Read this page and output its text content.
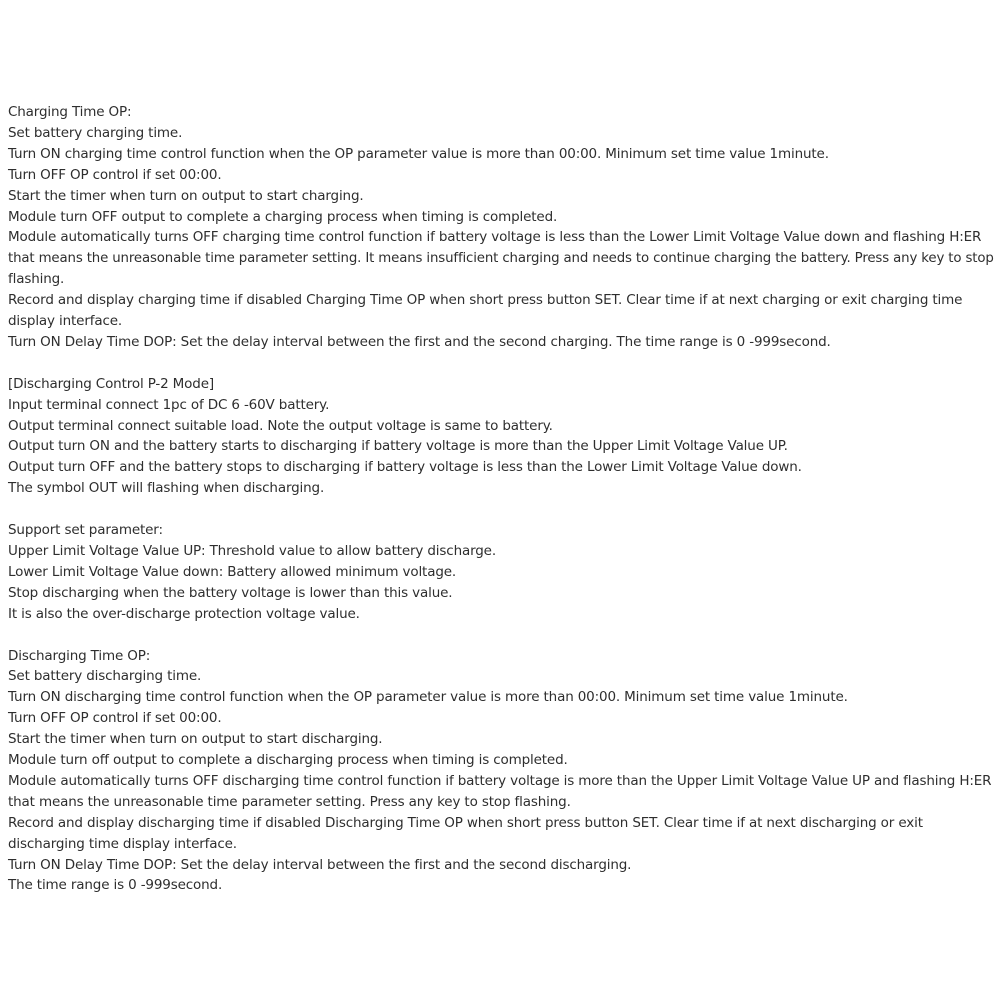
Charging Time OP:
Set battery charging time.
Turn ON charging time control function when the OP parameter value is more than 00:00. Minimum set time value 1minute.
Turn OFF OP control if set 00:00.
Start the timer when turn on output to start charging.
Module turn OFF output to complete a charging process when timing is completed.
Module automatically turns OFF charging time control function if battery voltage is less than the Lower Limit Voltage Value down and flashing H:ER
that means the unreasonable time parameter setting. It means insufficient charging and needs to continue charging the battery. Press any key to stop
flashing.
Record and display charging time if disabled Charging Time OP when short press button SET. Clear time if at next charging or exit charging time
display interface.
Turn ON Delay Time DOP: Set the delay interval between the first and the second charging. The time range is 0 -999second.
[Discharging Control P-2 Mode]
Input terminal connect 1pc of DC 6 -60V battery.
Output terminal connect suitable load. Note the output voltage is same to battery.
Output turn ON and the battery starts to discharging if battery voltage is more than the Upper Limit Voltage Value UP.
Output turn OFF and the battery stops to discharging if battery voltage is less than the Lower Limit Voltage Value down.
The symbol OUT will flashing when discharging.
Support set parameter:
Upper Limit Voltage Value UP: Threshold value to allow battery discharge.
Lower Limit Voltage Value down: Battery allowed minimum voltage.
Stop discharging when the battery voltage is lower than this value.
It is also the over-discharge protection voltage value.
Discharging Time OP:
Set battery discharging time.
Turn ON discharging time control function when the OP parameter value is more than 00:00. Minimum set time value 1minute.
Turn OFF OP control if set 00:00.
Start the timer when turn on output to start discharging.
Module turn off output to complete a discharging process when timing is completed.
Module automatically turns OFF discharging time control function if battery voltage is more than the Upper Limit Voltage Value UP and flashing H:ER
that means the unreasonable time parameter setting. Press any key to stop flashing.
Record and display discharging time if disabled Discharging Time OP when short press button SET. Clear time if at next discharging or exit
discharging time display interface.
Turn ON Delay Time DOP: Set the delay interval between the first and the second discharging.
The time range is 0 -999second.
